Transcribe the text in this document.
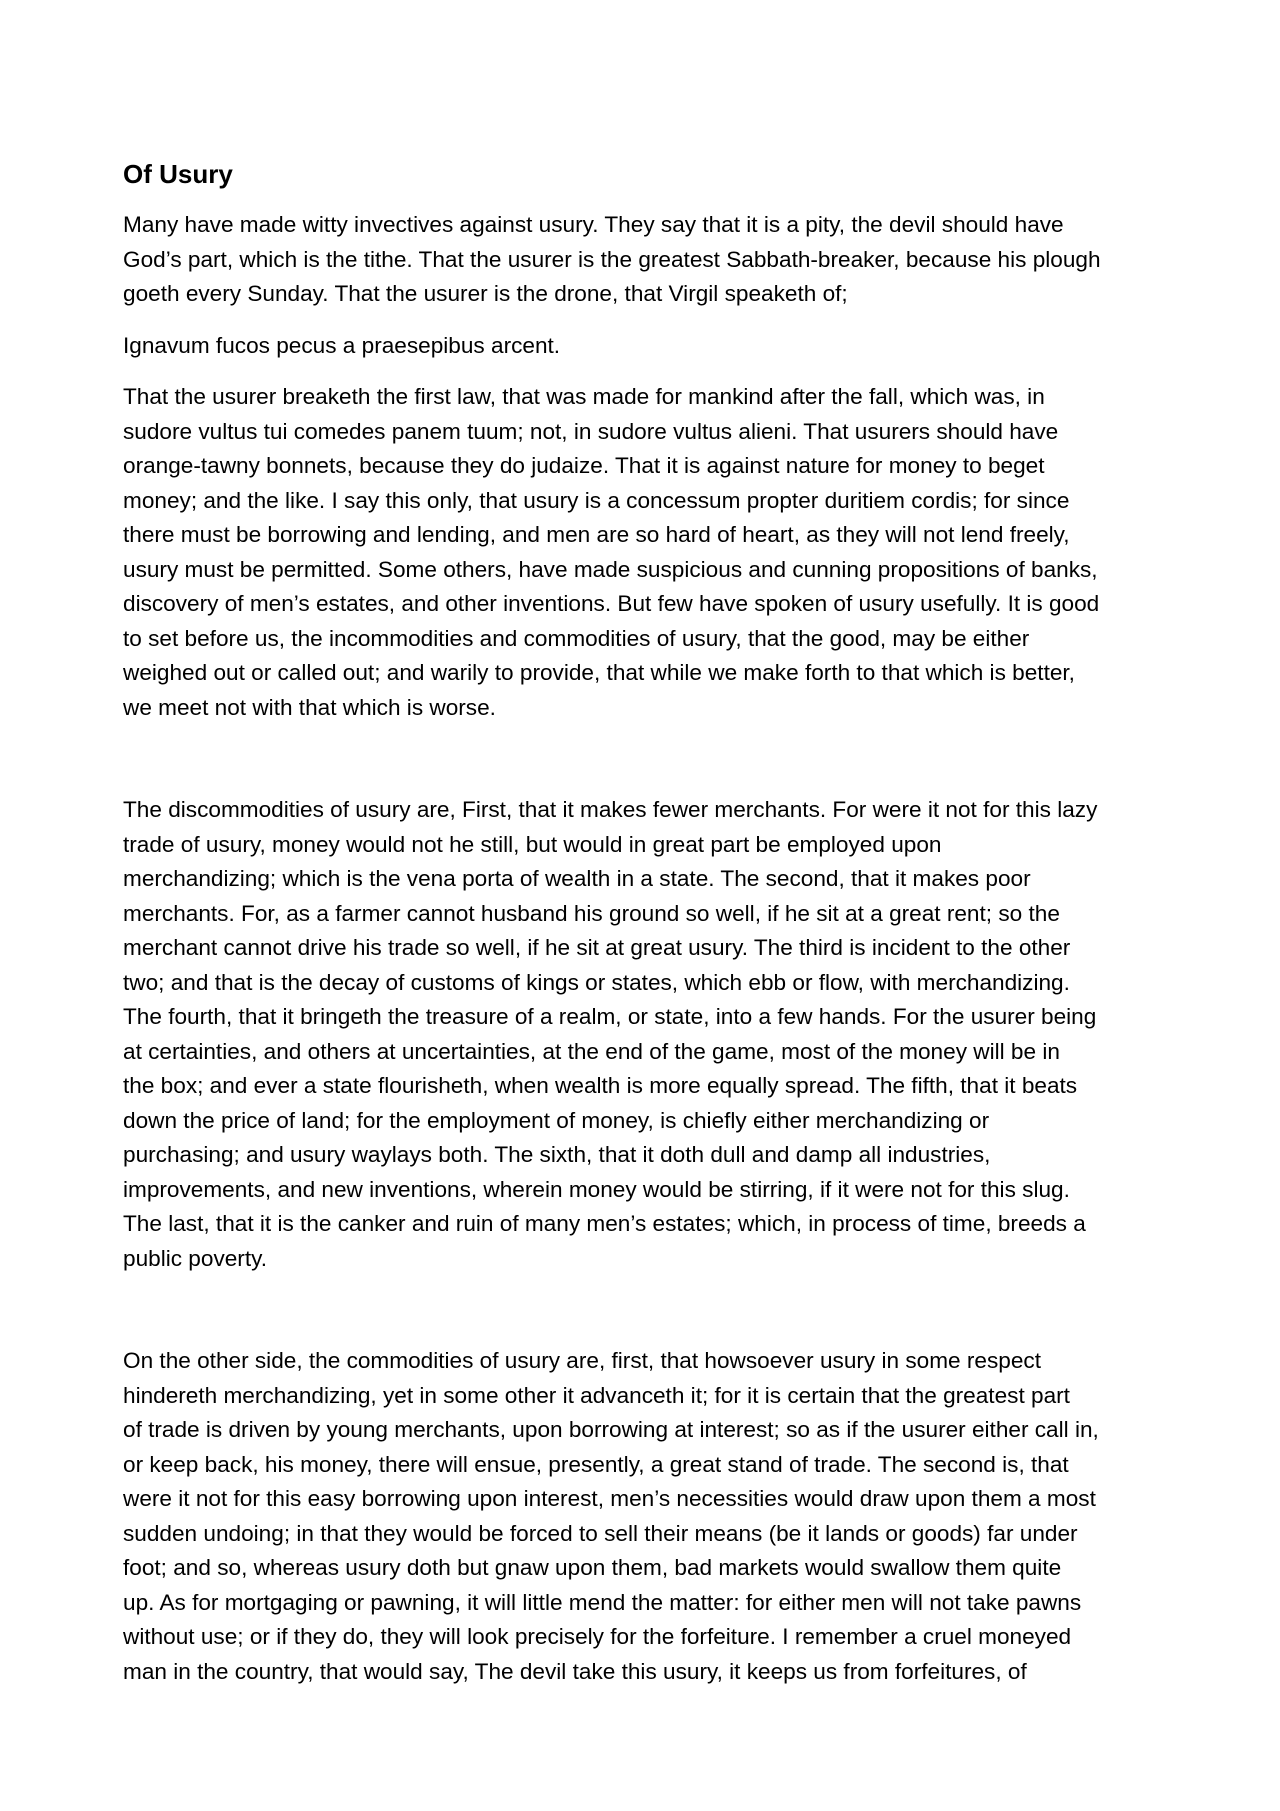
Of Usury

Many have made witty invectives against usury. They say that it is a pity, the devil should have
God’s part, which is the tithe. That the usurer is the greatest Sabbath-breaker, because his plough
goeth every Sunday. That the usurer is the drone, that Virgil speaketh of;

Ignavum fucos pecus a praesepibus arcent.

That the usurer breaketh the first law, that was made for mankind after the fall, which was, in
sudore vultus tui comedes panem tuum; not, in sudore vultus alieni. That usurers should have
orange-tawny bonnets, because they do judaize. That it is against nature for money to beget
money; and the like. I say this only, that usury is a concessum propter duritiem cordis; for since
there must be borrowing and lending, and men are so hard of heart, as they will not lend freely,
usury must be permitted. Some others, have made suspicious and cunning propositions of banks,
discovery of men’s estates, and other inventions. But few have spoken of usury usefully. It is good
to set before us, the incommodities and commodities of usury, that the good, may be either
weighed out or called out; and warily to provide, that while we make forth to that which is better,
we meet not with that which is worse.

The discommodities of usury are, First, that it makes fewer merchants. For were it not for this lazy
trade of usury, money would not he still, but would in great part be employed upon
merchandizing; which is the vena porta of wealth in a state. The second, that it makes poor
merchants. For, as a farmer cannot husband his ground so well, if he sit at a great rent; so the
merchant cannot drive his trade so well, if he sit at great usury. The third is incident to the other
two; and that is the decay of customs of kings or states, which ebb or flow, with merchandizing.
The fourth, that it bringeth the treasure of a realm, or state, into a few hands. For the usurer being
at certainties, and others at uncertainties, at the end of the game, most of the money will be in
the box; and ever a state flourisheth, when wealth is more equally spread. The fifth, that it beats
down the price of land; for the employment of money, is chiefly either merchandizing or
purchasing; and usury waylays both. The sixth, that it doth dull and damp all industries,
improvements, and new inventions, wherein money would be stirring, if it were not for this slug.
The last, that it is the canker and ruin of many men’s estates; which, in process of time, breeds a
public poverty.

On the other side, the commodities of usury are, first, that howsoever usury in some respect
hindereth merchandizing, yet in some other it advanceth it; for it is certain that the greatest part
of trade is driven by young merchants, upon borrowing at interest; so as if the usurer either call in,
or keep back, his money, there will ensue, presently, a great stand of trade. The second is, that
were it not for this easy borrowing upon interest, men’s necessities would draw upon them a most
sudden undoing; in that they would be forced to sell their means (be it lands or goods) far under
foot; and so, whereas usury doth but gnaw upon them, bad markets would swallow them quite
up. As for mortgaging or pawning, it will little mend the matter: for either men will not take pawns
without use; or if they do, they will look precisely for the forfeiture. I remember a cruel moneyed
man in the country, that would say, The devil take this usury, it keeps us from forfeitures, of
